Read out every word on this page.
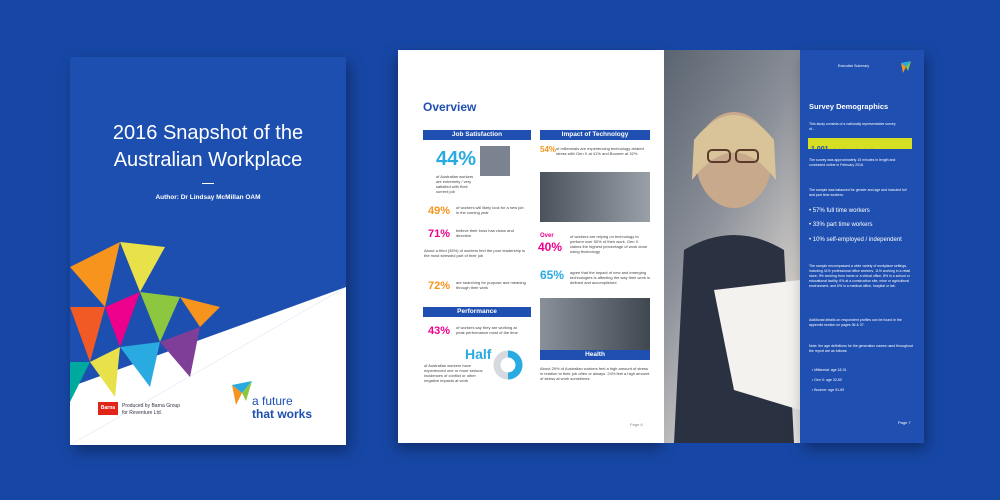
2016 Snapshot of the
Australian Workplace
Author: Dr Lindsay McMillan OAM
Barna	Produced by Barna Group
for Reventure Ltd.
a future
that works
Overview
Job Satisfaction	Impact of Technology
44%
of Australian workers are extremely / very satisfied with their current job
49% of workers will likely look for a new job in the coming year
71% believe their boss has vision and direction
About a third (35%) of workers feel the poor leadership is the most stressful part of their job
72% are searching for purpose and meaning through their work
Performance
43% of workers say they are working at peak performance most of the time
Half
of Australian workers have experienced one or more serious incidences of conflict or other negative impacts at work
54% of millennials are experiencing technology-related stress with Gen X at 41% and Boomer at 32%
Over
40%
of workers are relying on technology to perform over 50% of their work. Gen X claims the highest percentage of work done using technology
65% agree that the impact of new and emerging technologies is affecting the way their work is defined and accomplished
Health
About 29% of Australian workers feel a high amount of stress in relation to their job often or always. 24% feel a high amount of stress at work sometimes
Page 6
Executive Summary
Survey Demographics
This study consists of a nationally representative survey of...
1,001 Australian employed adults
The survey was approximately 15 minutes in length and conducted online in February 2016.
The sample was balanced for gender and age and included full and part time workers:
• 57% full time workers
• 33% part time workers
• 10% self-employed / independent
The sample encompassed a wide variety of workplace settings, including 41% professional office workers, 11% working in a retail store, 9% working from home or a virtual office, 8% in a school or educational facility, 6% at a construction site, mine or agricultural environment, and 6% in a medical office, hospital or lab.
Additional details on respondent profiles can be found in the appendix section on pages 36 & 37.
Note: the age definitions for the generation names used throughout the report are as follows:
• Millennial: age 18-31
• Gen X: age 32-50
• Boomer: age 51-69
Page 7
